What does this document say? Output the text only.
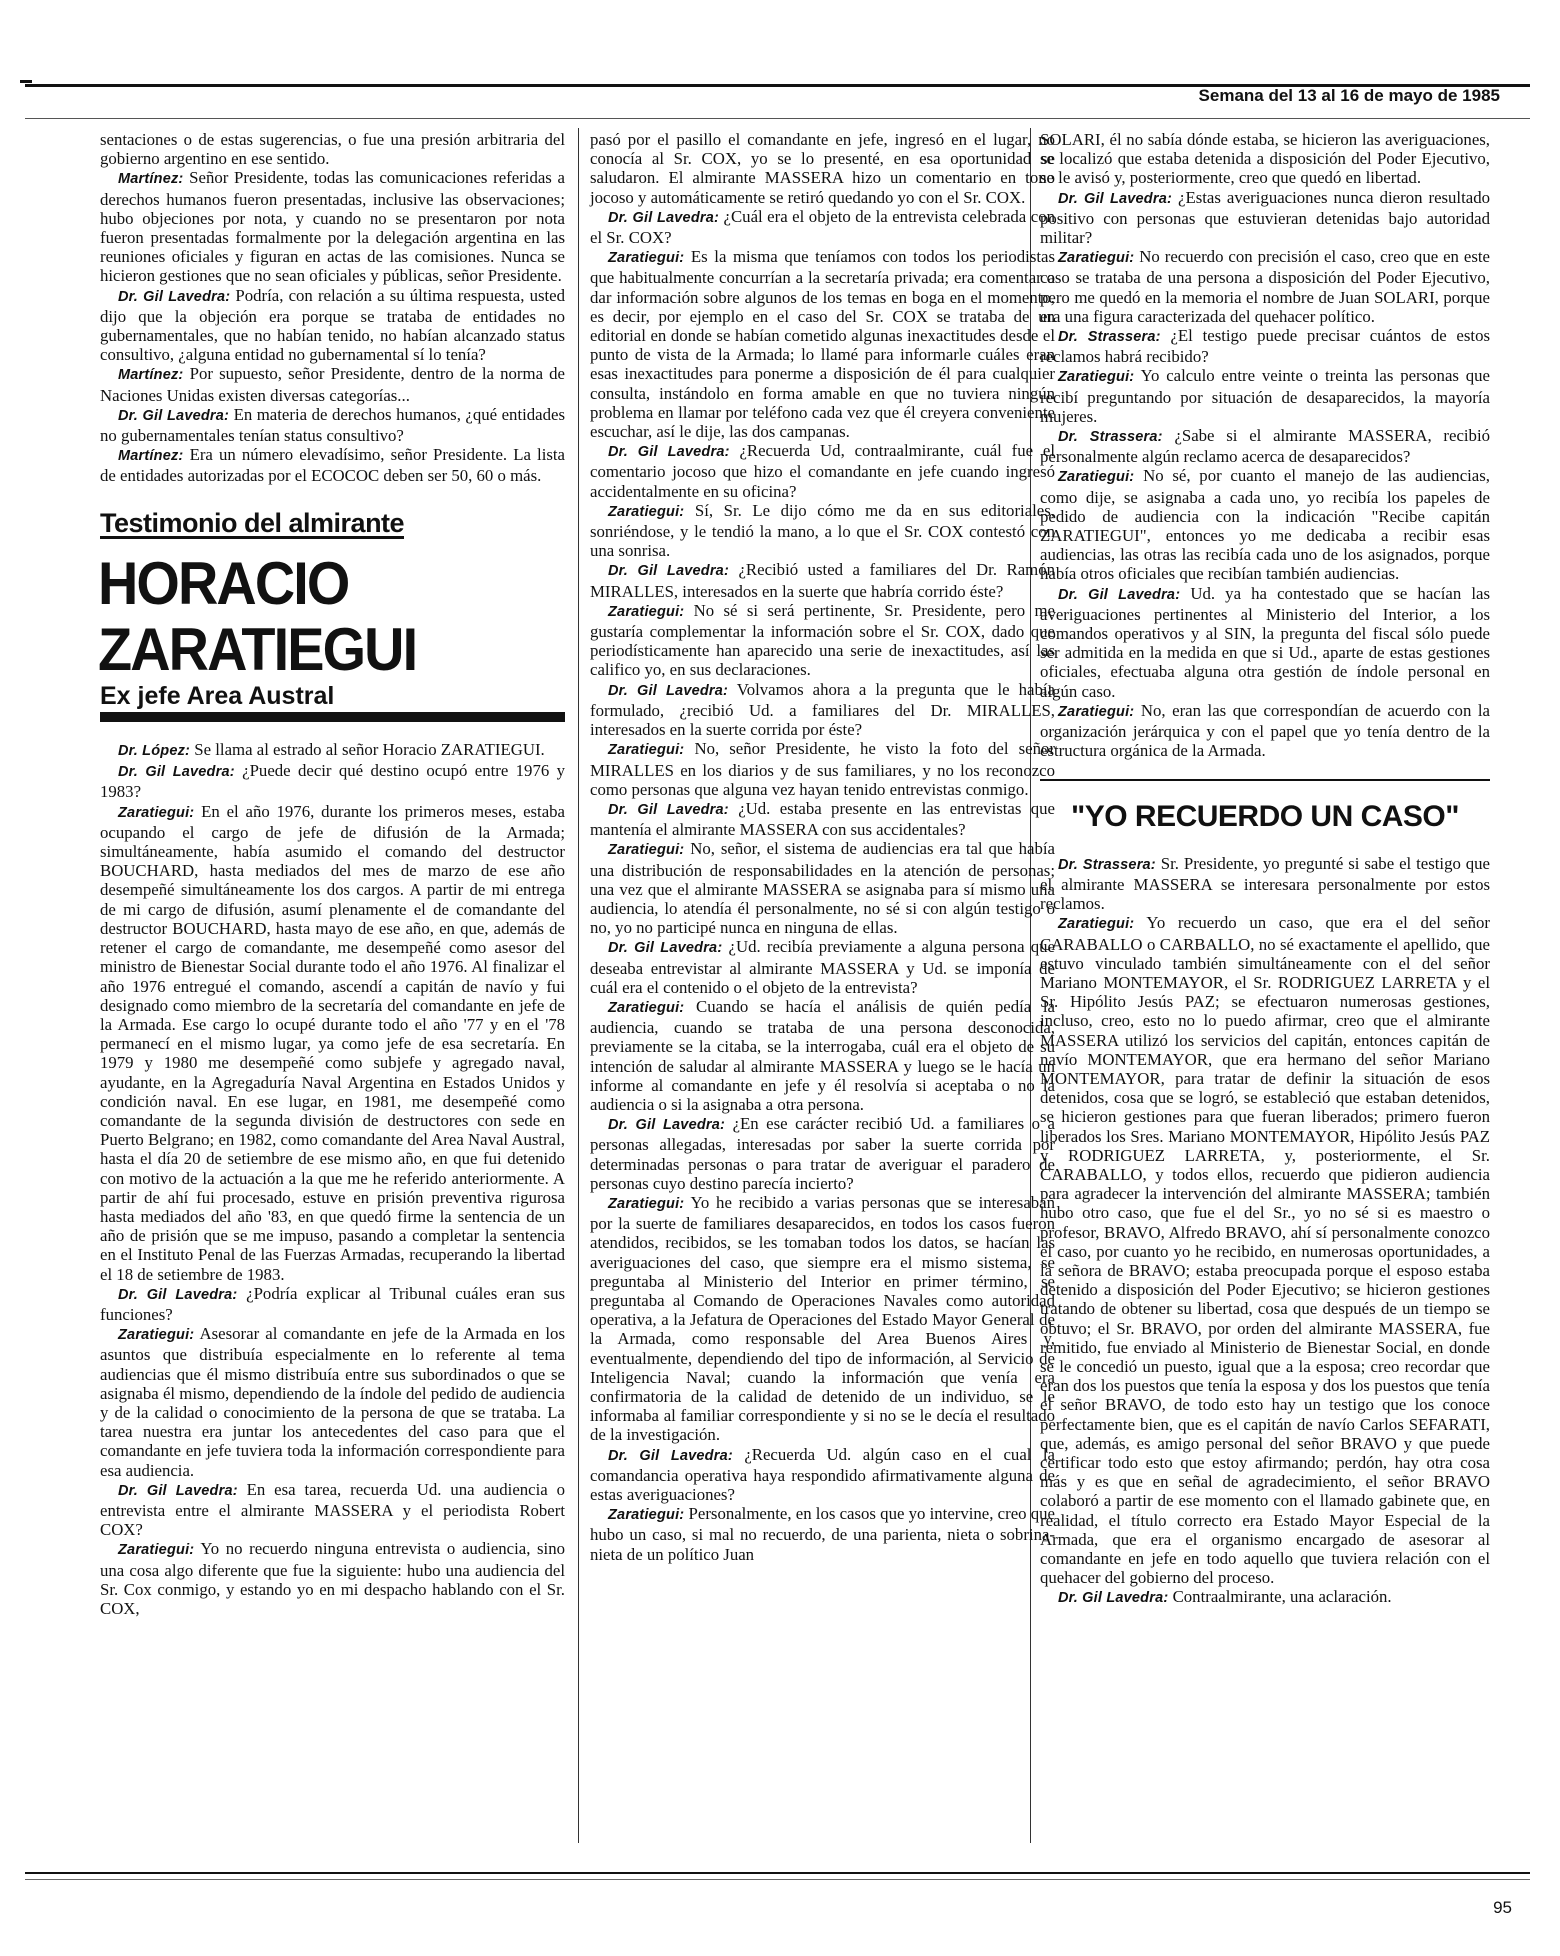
Semana del 13 al 16 de mayo de 1985

sentaciones o de estas sugerencias, o fue una presión arbitraria del gobierno argentino en ese sentido.

Martínez: Señor Presidente, todas las comunicaciones referidas a derechos humanos fueron presentadas, inclusive las observaciones; hubo objeciones por nota, y cuando no se presentaron por nota fueron presentadas formalmente por la delegación argentina en las reuniones oficiales y figuran en actas de las comisiones. Nunca se hicieron gestiones que no sean oficiales y públicas, señor Presidente.

Dr. Gil Lavedra: Podría, con relación a su última respuesta, usted dijo que la objeción era porque se trataba de entidades no gubernamentales, que no habían tenido, no habían alcanzado status consultivo, ¿alguna entidad no gubernamental sí lo tenía?

Martínez: Por supuesto, señor Presidente, dentro de la norma de Naciones Unidas existen diversas categorías...

Dr. Gil Lavedra: En materia de derechos humanos, ¿qué entidades no gubernamentales tenían status consultivo?

Martínez: Era un número elevadísimo, señor Presidente. La lista de entidades autorizadas por el ECOCOC deben ser 50, 60 o más.

Testimonio del almirante
HORACIO ZARATIEGUI
Ex jefe Area Austral

Dr. López: Se llama al estrado al señor Horacio ZARATIEGUI.

Dr. Gil Lavedra: ¿Puede decir qué destino ocupó entre 1976 y 1983?

Zaratiegui: En el año 1976, durante los primeros meses, estaba ocupando el cargo de jefe de difusión de la Armada; simultáneamente, había asumido el comando del destructor BOUCHARD, hasta mediados del mes de marzo de ese año desempeñé simultáneamente los dos cargos. A partir de mi entrega de mi cargo de difusión, asumí plenamente el de comandante del destructor BOUCHARD, hasta mayo de ese año, en que, además de retener el cargo de comandante, me desempeñé como asesor del ministro de Bienestar Social durante todo el año 1976. Al finalizar el año 1976 entregué el comando, ascendí a capitán de navío y fui designado como miembro de la secretaría del comandante en jefe de la Armada. Ese cargo lo ocupé durante todo el año '77 y en el '78 permanecí en el mismo lugar, ya como jefe de esa secretaría. En 1979 y 1980 me desempeñé como subjefe y agregado naval, ayudante, en la Agregaduría Naval Argentina en Estados Unidos y condición naval. En ese lugar, en 1981, me desempeñé como comandante de la segunda división de destructores con sede en Puerto Belgrano; en 1982, como comandante del Area Naval Austral, hasta el día 20 de setiembre de ese mismo año, en que fui detenido con motivo de la actuación a la que me he referido anteriormente. A partir de ahí fui procesado, estuve en prisión preventiva rigurosa hasta mediados del año '83, en que quedó firme la sentencia de un año de prisión que se me impuso, pasando a completar la sentencia en el Instituto Penal de las Fuerzas Armadas, recuperando la libertad el 18 de setiembre de 1983.

Dr. Gil Lavedra: ¿Podría explicar al Tribunal cuáles eran sus funciones?

Zaratiegui: Asesorar al comandante en jefe de la Armada en los asuntos que distribuía especialmente en lo referente al tema audiencias que él mismo distribuía entre sus subordinados o que se asignaba él mismo, dependiendo de la índole del pedido de audiencia y de la calidad o conocimiento de la persona de que se trataba. La tarea nuestra era juntar los antecedentes del caso para que el comandante en jefe tuviera toda la información correspondiente para esa audiencia.

Dr. Gil Lavedra: En esa tarea, recuerda Ud. una audiencia o entrevista entre el almirante MASSERA y el periodista Robert COX?

Zaratiegui: Yo no recuerdo ninguna entrevista o audiencia, sino una cosa algo diferente que fue la siguiente: hubo una audiencia del Sr. Cox conmigo, y estando yo en mi despacho hablando con el Sr. COX,

pasó por el pasillo el comandante en jefe, ingresó en el lugar, no conocía al Sr. COX, yo se lo presenté, en esa oportunidad se saludaron. El almirante MASSERA hizo un comentario en tono jocoso y automáticamente se retiró quedando yo con el Sr. COX.

Dr. Gil Lavedra: ¿Cuál era el objeto de la entrevista celebrada con el Sr. COX?

Zaratiegui: Es la misma que teníamos con todos los periodistas que habitualmente concurrían a la secretaría privada; era comentar o dar información sobre algunos de los temas en boga en el momento, es decir, por ejemplo en el caso del Sr. COX se trataba de un editorial en donde se habían cometido algunas inexactitudes desde el punto de vista de la Armada; lo llamé para informarle cuáles eran esas inexactitudes para ponerme a disposición de él para cualquier consulta, instándolo en forma amable en que no tuviera ningún problema en llamar por teléfono cada vez que él creyera conveniente escuchar, así le dije, las dos campanas.

Dr. Gil Lavedra: ¿Recuerda Ud, contraalmirante, cuál fue el comentario jocoso que hizo el comandante en jefe cuando ingresó accidentalmente en su oficina?

Zaratiegui: Sí, Sr. Le dijo cómo me da en sus editoriales, sonriéndose, y le tendió la mano, a lo que el Sr. COX contestó con una sonrisa.

Dr. Gil Lavedra: ¿Recibió usted a familiares del Dr. Ramón MIRALLES, interesados en la suerte que habría corrido éste?

Zaratiegui: No sé si será pertinente, Sr. Presidente, pero me gustaría complementar la información sobre el Sr. COX, dado que periodísticamente han aparecido una serie de inexactitudes, así las califico yo, en sus declaraciones.

Dr. Gil Lavedra: Volvamos ahora a la pregunta que le había formulado, ¿recibió Ud. a familiares del Dr. MIRALLES, interesados en la suerte corrida por éste?

Zaratiegui: No, señor Presidente, he visto la foto del señor MIRALLES en los diarios y de sus familiares, y no los reconozco como personas que alguna vez hayan tenido entrevistas conmigo.

Dr. Gil Lavedra: ¿Ud. estaba presente en las entrevistas que mantenía el almirante MASSERA con sus accidentales?

Zaratiegui: No, señor, el sistema de audiencias era tal que había una distribución de responsabilidades en la atención de personas; una vez que el almirante MASSERA se asignaba para sí mismo una audiencia, lo atendía él personalmente, no sé si con algún testigo o no, yo no participé nunca en ninguna de ellas.

Dr. Gil Lavedra: ¿Ud. recibía previamente a alguna persona que deseaba entrevistar al almirante MASSERA y Ud. se imponía de cuál era el contenido o el objeto de la entrevista?

Zaratiegui: Cuando se hacía el análisis de quién pedía la audiencia, cuando se trataba de una persona desconocida, previamente se la citaba, se la interrogaba, cuál era el objeto de su intención de saludar al almirante MASSERA y luego se le hacía un informe al comandante en jefe y él resolvía si aceptaba o no la audiencia o si la asignaba a otra persona.

Dr. Gil Lavedra: ¿En ese carácter recibió Ud. a familiares o a personas allegadas, interesadas por saber la suerte corrida por determinadas personas o para tratar de averiguar el paradero de personas cuyo destino parecía incierto?

Zaratiegui: Yo he recibido a varias personas que se interesaban por la suerte de familiares desaparecidos, en todos los casos fueron atendidos, recibidos, se les tomaban todos los datos, se hacían las averiguaciones del caso, que siempre era el mismo sistema, se preguntaba al Ministerio del Interior en primer término, se preguntaba al Comando de Operaciones Navales como autoridad operativa, a la Jefatura de Operaciones del Estado Mayor General de la Armada, como responsable del Area Buenos Aires y, eventualmente, dependiendo del tipo de información, al Servicio de Inteligencia Naval; cuando la información que venía era confirmatoria de la calidad de detenido de un individuo, se le informaba al familiar correspondiente y si no se le decía el resultado de la investigación.

Dr. Gil Lavedra: ¿Recuerda Ud. algún caso en el cual la comandancia operativa haya respondido afirmativamente alguna de estas averiguaciones?

Zaratiegui: Personalmente, en los casos que yo intervine, creo que hubo un caso, si mal no recuerdo, de una parienta, nieta o sobrina-nieta de un político Juan

SOLARI, él no sabía dónde estaba, se hicieron las averiguaciones, se localizó que estaba detenida a disposición del Poder Ejecutivo, se le avisó y, posteriormente, creo que quedó en libertad.

Dr. Gil Lavedra: ¿Estas averiguaciones nunca dieron resultado positivo con personas que estuvieran detenidas bajo autoridad militar?

Zaratiegui: No recuerdo con precisión el caso, creo que en este caso se trataba de una persona a disposición del Poder Ejecutivo, pero me quedó en la memoria el nombre de Juan SOLARI, porque era una figura caracterizada del quehacer político.

Dr. Strassera: ¿El testigo puede precisar cuántos de estos reclamos habrá recibido?

Zaratiegui: Yo calculo entre veinte o treinta las personas que recibí preguntando por situación de desaparecidos, la mayoría mujeres.

Dr. Strassera: ¿Sabe si el almirante MASSERA, recibió personalmente algún reclamo acerca de desaparecidos?

Zaratiegui: No sé, por cuanto el manejo de las audiencias, como dije, se asignaba a cada uno, yo recibía los papeles de pedido de audiencia con la indicación "Recibe capitán ZARATIEGUI", entonces yo me dedicaba a recibir esas audiencias, las otras las recibía cada uno de los asignados, porque había otros oficiales que recibían también audiencias.

Dr. Gil Lavedra: Ud. ya ha contestado que se hacían las averiguaciones pertinentes al Ministerio del Interior, a los comandos operativos y al SIN, la pregunta del fiscal sólo puede ser admitida en la medida en que si Ud., aparte de estas gestiones oficiales, efectuaba alguna otra gestión de índole personal en algún caso.

Zaratiegui: No, eran las que correspondían de acuerdo con la organización jerárquica y con el papel que yo tenía dentro de la estructura orgánica de la Armada.

"YO RECUERDO UN CASO"

Dr. Strassera: Sr. Presidente, yo pregunté si sabe el testigo que el almirante MASSERA se interesara personalmente por estos reclamos.

Zaratiegui: Yo recuerdo un caso, que era el del señor CARABALLO o CARBALLO, no sé exactamente el apellido, que estuvo vinculado también simultáneamente con el del señor Mariano MONTEMAYOR, el Sr. RODRIGUEZ LARRETA y el Sr. Hipólito Jesús PAZ; se efectuaron numerosas gestiones, incluso, creo, esto no lo puedo afirmar, creo que el almirante MASSERA utilizó los servicios del capitán, entonces capitán de navío MONTEMAYOR, que era hermano del señor Mariano MONTEMAYOR, para tratar de definir la situación de esos detenidos, cosa que se logró, se estableció que estaban detenidos, se hicieron gestiones para que fueran liberados; primero fueron liberados los Sres. Mariano MONTEMAYOR, Hipólito Jesús PAZ y RODRIGUEZ LARRETA, y, posteriormente, el Sr. CARABALLO, y todos ellos, recuerdo que pidieron audiencia para agradecer la intervención del almirante MASSERA; también hubo otro caso, que fue el del Sr., yo no sé si es maestro o profesor, BRAVO, Alfredo BRAVO, ahí sí personalmente conozco el caso, por cuanto yo he recibido, en numerosas oportunidades, a la señora de BRAVO; estaba preocupada porque el esposo estaba detenido a disposición del Poder Ejecutivo; se hicieron gestiones tratando de obtener su libertad, cosa que después de un tiempo se obtuvo; el Sr. BRAVO, por orden del almirante MASSERA, fue remitido, fue enviado al Ministerio de Bienestar Social, en donde se le concedió un puesto, igual que a la esposa; creo recordar que eran dos los puestos que tenía la esposa y dos los puestos que tenía el señor BRAVO, de todo esto hay un testigo que los conoce perfectamente bien, que es el capitán de navío Carlos SEFARATI, que, además, es amigo personal del señor BRAVO y que puede certificar todo esto que estoy afirmando; perdón, hay otra cosa más y es que en señal de agradecimiento, el señor BRAVO colaboró a partir de ese momento con el llamado gabinete que, en realidad, el título correcto era Estado Mayor Especial de la Armada, que era el organismo encargado de asesorar al comandante en jefe en todo aquello que tuviera relación con el quehacer del gobierno del proceso.

Dr. Gil Lavedra: Contraalmirante, una aclaración.

95
